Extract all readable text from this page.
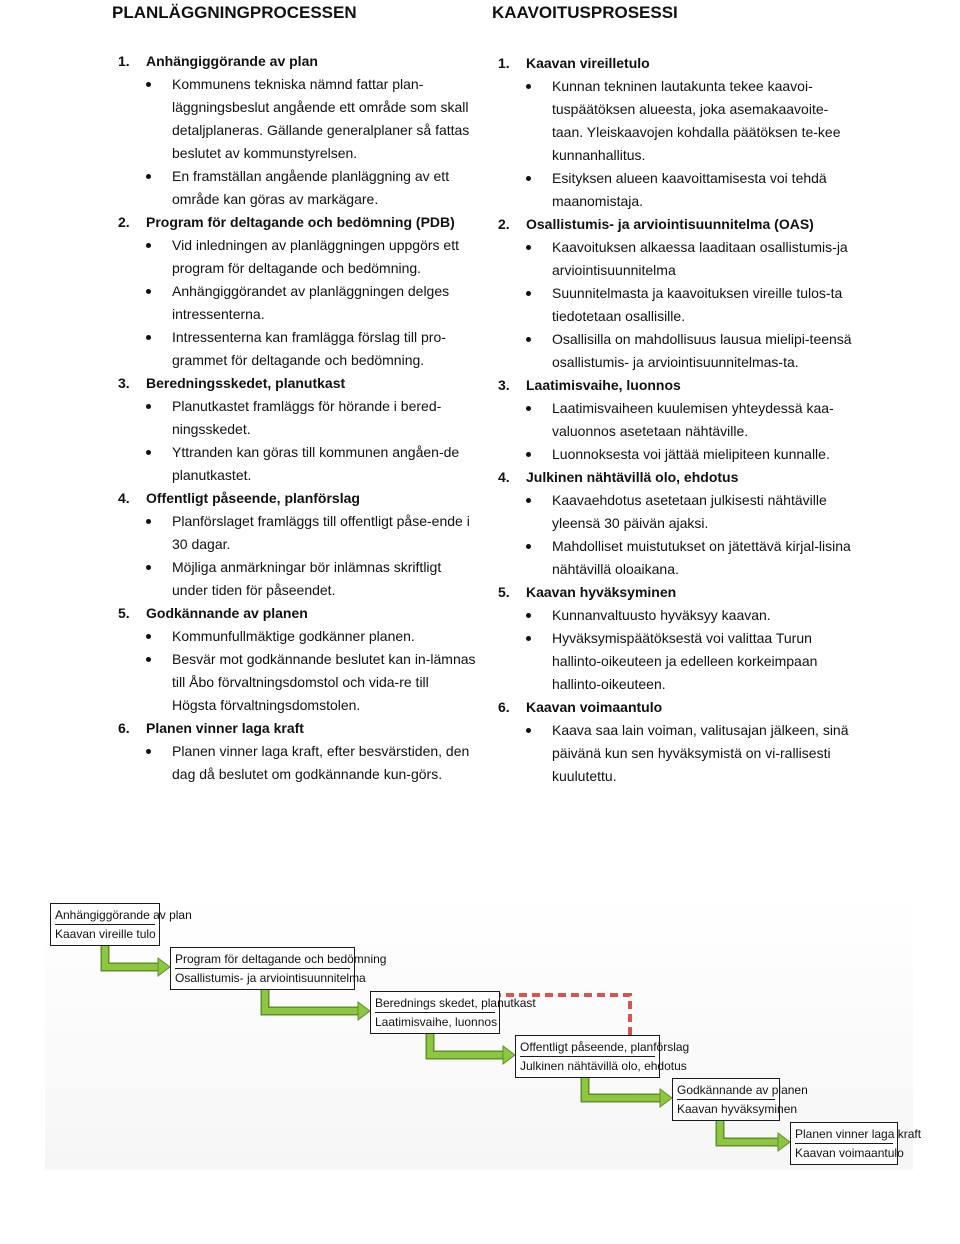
PLANLÄGGNINGPROCESSEN
1.	Anhängiggörande av plan
Kommunens tekniska nämnd fattar plan-läggningsbeslut angående ett område som skall detaljplaneras. Gällande generalplaner så fattas beslutet av kommunstyrelsen.
En framställan angående planläggning av ett område kan göras av markägare.
2.	Program för deltagande och bedömning (PDB)
Vid inledningen av planläggningen uppgörs ett program för deltagande och bedömning.
Anhängiggörandet av planläggningen delges intressenterna.
Intressenterna kan framlägga förslag till pro-grammet för deltagande och bedömning.
3.	Beredningsskedet, planutkast
Planutkastet framläggs för hörande i bered-ningsskedet.
Yttranden kan göras till kommunen angåen-de planutkastet.
4.	Offentligt påseende, planförslag
Planförslaget framläggs till offentligt påse-ende i 30 dagar.
Möjliga anmärkningar bör inlämnas skriftligt under tiden för påseendet.
5.	Godkännande av planen
Kommunfullmäktige godkänner planen.
Besvär mot godkännande beslutet kan in-lämnas till Åbo förvaltningsdomstol och vida-re till Högsta förvaltningsdomstolen.
6.	Planen vinner laga kraft
Planen vinner laga kraft, efter besvärstiden, den dag då beslutet om godkännande kun-görs.
KAAVOITUSPROSESSI
1.	Kaavan vireilletulo
Kunnan tekninen lautakunta tekee kaavoi-tuspäätöksen alueesta, joka asemakaavoite-taan. Yleiskaavojen kohdalla päätöksen te-kee kunnanhallitus.
Esityksen alueen kaavoittamisesta voi tehdä maanomistaja.
2.	Osallistumis- ja arviointisuunnitelma (OAS)
Kaavoituksen alkaessa laaditaan osallistumis-ja arviointisuunnitelma
Suunnitelmasta ja kaavoituksen vireille tulos-ta tiedotetaan osallisille.
Osallisilla on mahdollisuus lausua mielipi-teensä osallistumis- ja arviointisuunnitelmas-ta.
3.	Laatimisvaihe, luonnos
Laatimisvaiheen kuulemisen yhteydessä kaa-valuonnos asetetaan nähtäville.
Luonnoksesta voi jättää mielipiteen kunnalle.
4.	Julkinen nähtävillä olo, ehdotus
Kaavaehdotus asetetaan julkisesti nähtäville yleensä 30 päivän ajaksi.
Mahdolliset muistutukset on jätettävä kirjal-lisina nähtävillä oloaikana.
5.	Kaavan hyväksyminen
Kunnanvaltuusto hyväksyy kaavan.
Hyväksymispäätöksestä voi valittaa Turun hallinto-oikeuteen ja edelleen korkeimpaan hallinto-oikeuteen.
6.	Kaavan voimaantulo
Kaava saa lain voiman, valitusajan jälkeen, sinä päivänä kun sen hyväksymistä on vi-rallisesti kuulutettu.
Anhängiggörande av plan
Kaavan vireille tulo
Program för deltagande och bedömning
Osallistumis- ja arviointisuunnitelma
Berednings skedet, planutkast
Laatimisvaihe, luonnos
Offentligt påseende, planförslag
Julkinen nähtävillä olo, ehdotus
Godkännande av planen
Kaavan hyväksyminen
Planen vinner laga kraft
Kaavan voimaantulo
